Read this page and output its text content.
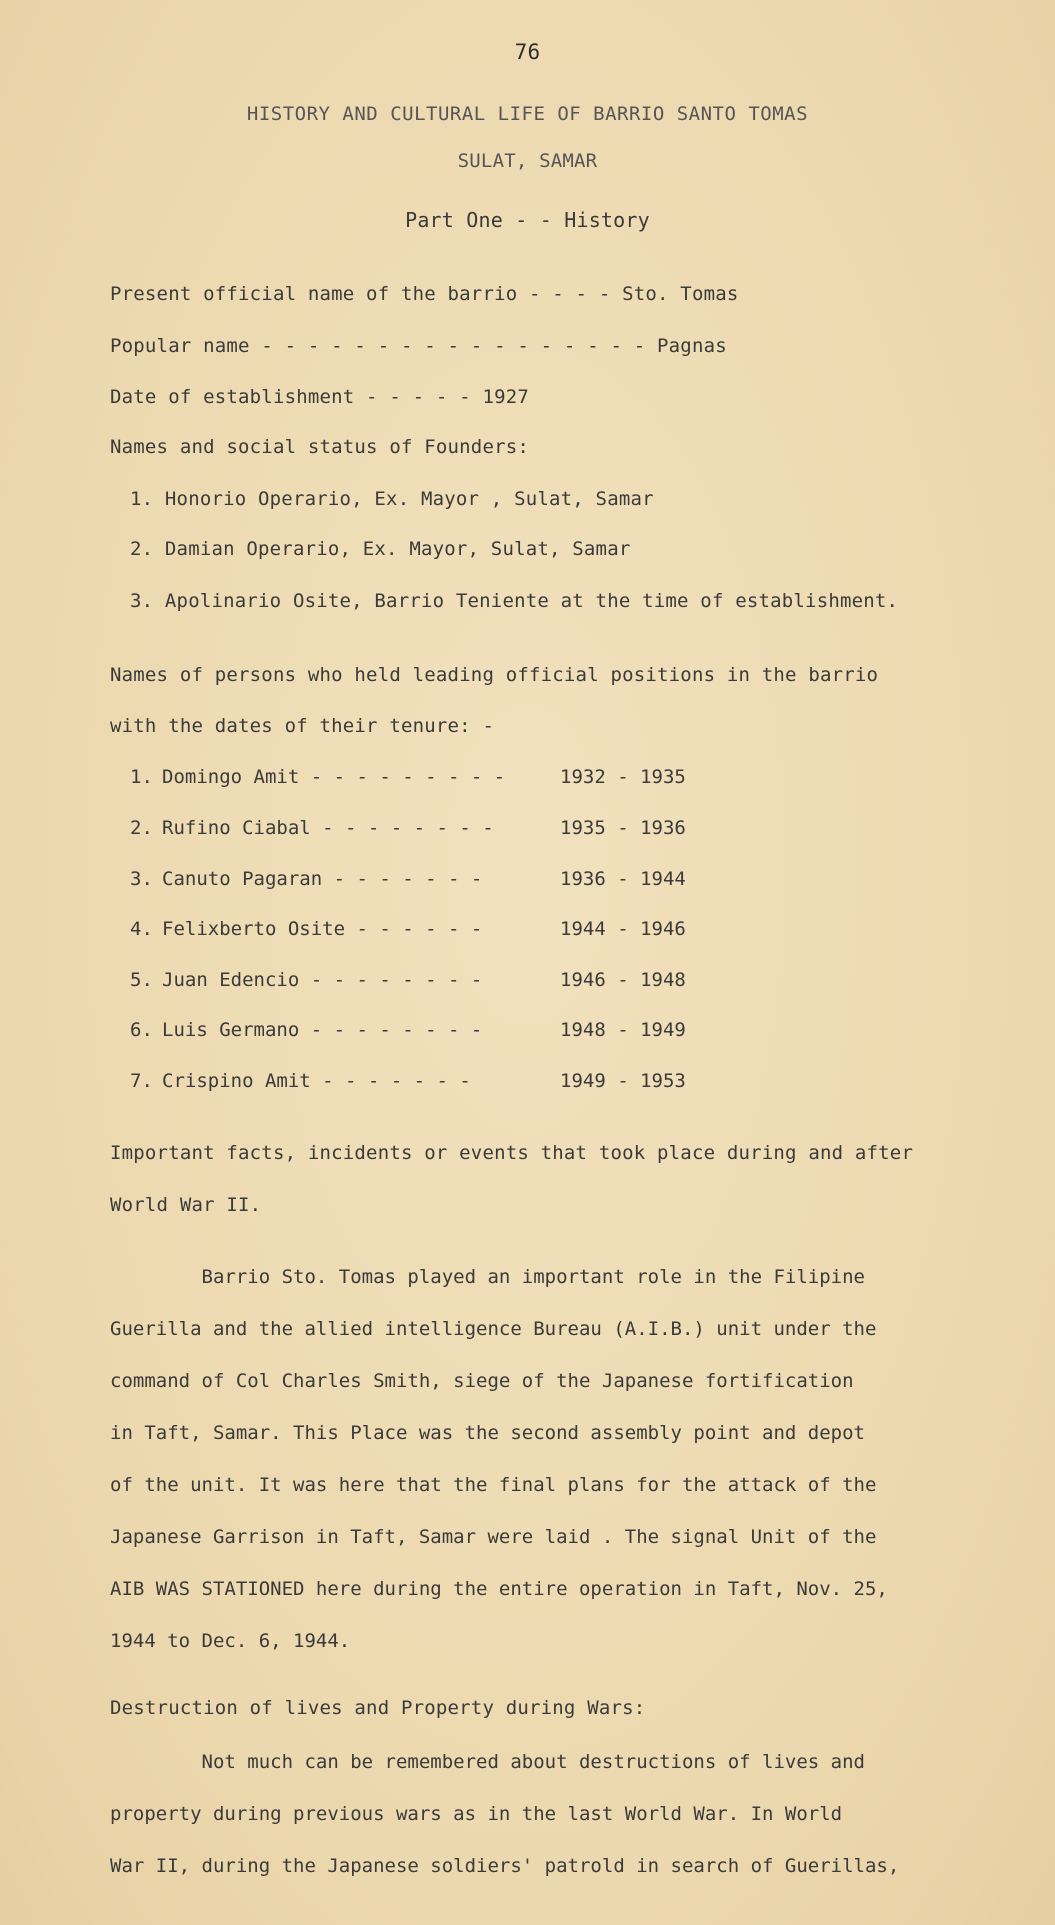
76
HISTORY AND CULTURAL LIFE OF BARRIO SANTO TOMAS
SULAT, SAMAR
Part One - - History
Present official name of the barrio - - - - Sto. Tomas
Popular name - - - - - - - - - - - - - - - - - Pagnas
Date of establishment - - - - - 1927
Names and social status of Founders:
1. Honorio Operario, Ex. Mayor , Sulat, Samar
2. Damian Operario, Ex. Mayor, Sulat, Samar
3. Apolinario Osite, Barrio Teniente at the time of establishment.
Names of persons who held leading official positions in the barrio
with the dates of their tenure: -
1. Domingo Amit - - - - - - - - -	1932 - 1935
2. Rufino Ciabal - - - - - - - -	1935 - 1936
3. Canuto Pagaran - - - - - - -	1936 - 1944
4. Felixberto Osite - - - - - -	1944 - 1946
5. Juan Edencio - - - - - - - -	1946 - 1948
6. Luis Germano - - - - - - - -	1948 - 1949
7. Crispino Amit - - - - - - -	1949 - 1953
Important facts, incidents or events that took place during and after
World War II.
Barrio Sto. Tomas played an important role in the Filipine
Guerilla and the allied intelligence Bureau (A.I.B.) unit under the
command of Col Charles Smith, siege of the Japanese fortification
in Taft, Samar. This Place was the second assembly point and depot
of the unit. It was here that the final plans for the attack of the
Japanese Garrison in Taft, Samar were laid . The signal Unit of the
AIB WAS STATIONED here during the entire operation in Taft, Nov. 25,
1944 to Dec. 6, 1944.
Destruction of lives and Property during Wars:
Not much can be remembered about destructions of lives and
property during previous wars as in the last World War. In World
War II, during the Japanese soldiers' patrold in search of Guerillas,
